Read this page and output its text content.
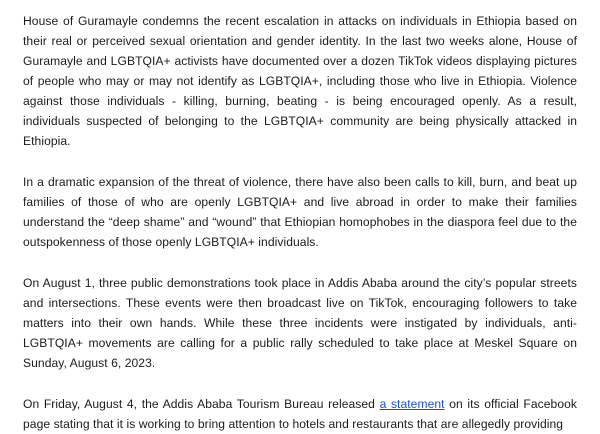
House of Guramayle condemns the recent escalation in attacks on individuals in Ethiopia based on their real or perceived sexual orientation and gender identity. In the last two weeks alone, House of Guramayle and LGBTQIA+ activists have documented over a dozen TikTok videos displaying pictures of people who may or may not identify as LGBTQIA+, including those who live in Ethiopia. Violence against those individuals - killing, burning, beating - is being encouraged openly. As a result, individuals suspected of belonging to the LGBTQIA+ community are being physically attacked in Ethiopia.

In a dramatic expansion of the threat of violence, there have also been calls to kill, burn, and beat up families of those of who are openly LGBTQIA+ and live abroad in order to make their families understand the “deep shame” and “wound” that Ethiopian homophobes in the diaspora feel due to the outspokenness of those openly LGBTQIA+ individuals.

On August 1, three public demonstrations took place in Addis Ababa around the city’s popular streets and intersections. These events were then broadcast live on TikTok, encouraging followers to take matters into their own hands. While these three incidents were instigated by individuals, anti-LGBTQIA+ movements are calling for a public rally scheduled to take place at Meskel Square on Sunday, August 6, 2023.

On Friday, August 4, the Addis Ababa Tourism Bureau released a statement on its official Facebook page stating that it is working to bring attention to hotels and restaurants that are allegedly providing
